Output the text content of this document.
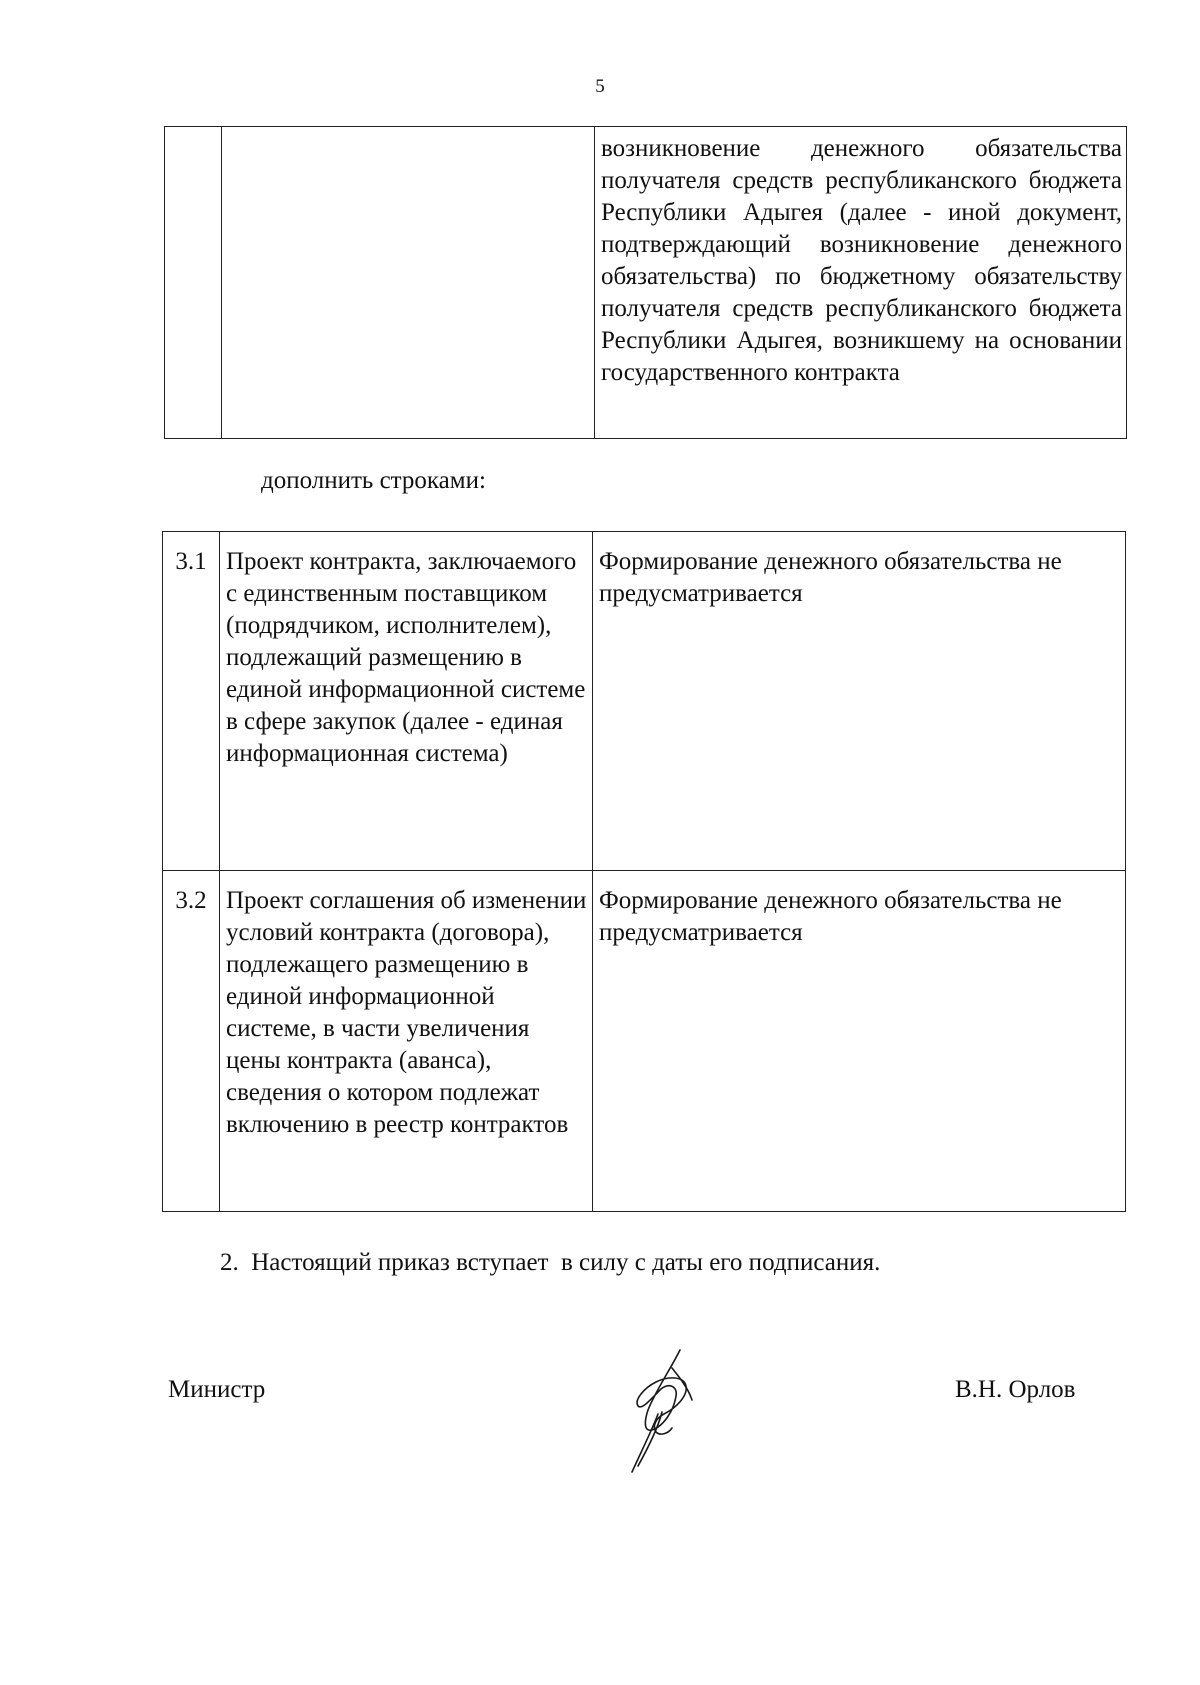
5
		возникновение денежного обязательства получателя средств республиканского бюджета Республики Адыгея (далее - иной документ, подтверждающий возникновение денежного обязательства) по бюджетному обязательству получателя средств республиканского бюджета Республики Адыгея, возникшему на основании государственного контракта
дополнить строками:
3.1	Проект контракта, заключаемого с единственным поставщиком (подрядчиком, исполнителем), подлежащий размещению в единой информационной системе в сфере закупок (далее - единая информационная система)	Формирование денежного обязательства не предусматривается
3.2	Проект соглашения об изменении условий контракта (договора), подлежащего размещению в единой информационной системе, в части увеличения цены контракта (аванса), сведения о котором подлежат включению в реестр контрактов	Формирование денежного обязательства не предусматривается
2.  Настоящий приказ вступает  в силу с даты его подписания.
Министр	В.Н. Орлов
